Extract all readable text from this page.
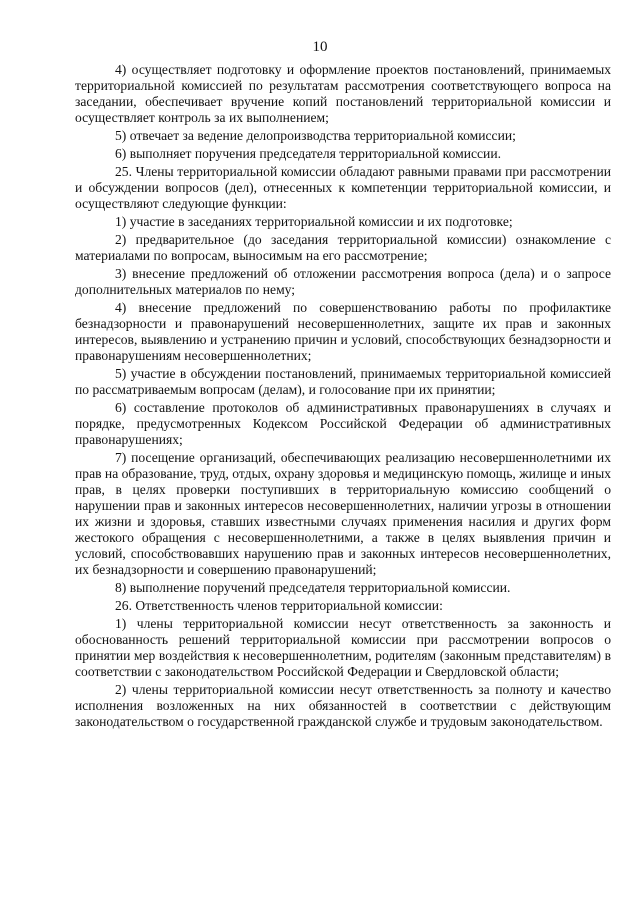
10

4) осуществляет подготовку и оформление проектов постановлений, принимаемых территориальной комиссией по результатам рассмотрения соответствующего вопроса на заседании, обеспечивает вручение копий постановлений территориальной комиссии и осуществляет контроль за их выполнением;

5) отвечает за ведение делопроизводства территориальной комиссии;

6) выполняет поручения председателя территориальной комиссии.

25. Члены территориальной комиссии обладают равными правами при рассмотрении и обсуждении вопросов (дел), отнесенных к компетенции территориальной комиссии, и осуществляют следующие функции:

1) участие в заседаниях территориальной комиссии и их подготовке;

2) предварительное (до заседания территориальной комиссии) ознакомление с материалами по вопросам, выносимым на его рассмотрение;

3) внесение предложений об отложении рассмотрения вопроса (дела) и о запросе дополнительных материалов по нему;

4) внесение предложений по совершенствованию работы по профилактике безнадзорности и правонарушений несовершеннолетних, защите их прав и законных интересов, выявлению и устранению причин и условий, способствующих безнадзорности и правонарушениям несовершеннолетних;

5) участие в обсуждении постановлений, принимаемых территориальной комиссией по рассматриваемым вопросам (делам), и голосование при их принятии;

6) составление протоколов об административных правонарушениях в случаях и порядке, предусмотренных Кодексом Российской Федерации об административных правонарушениях;

7) посещение организаций, обеспечивающих реализацию несовершеннолетними их прав на образование, труд, отдых, охрану здоровья и медицинскую помощь, жилище и иных прав, в целях проверки поступивших в территориальную комиссию сообщений о нарушении прав и законных интересов несовершеннолетних, наличии угрозы в отношении их жизни и здоровья, ставших известными случаях применения насилия и других форм жестокого обращения с несовершеннолетними, а также в целях выявления причин и условий, способствовавших нарушению прав и законных интересов несовершеннолетних, их безнадзорности и совершению правонарушений;

8) выполнение поручений председателя территориальной комиссии.

26. Ответственность членов территориальной комиссии:

1) члены территориальной комиссии несут ответственность за законность и обоснованность решений территориальной комиссии при рассмотрении вопросов о принятии мер воздействия к несовершеннолетним, родителям (законным представителям) в соответствии с законодательством Российской Федерации и Свердловской области;

2) члены территориальной комиссии несут ответственность за полноту и качество исполнения возложенных на них обязанностей в соответствии с действующим законодательством о государственной гражданской службе и трудовым законодательством.
